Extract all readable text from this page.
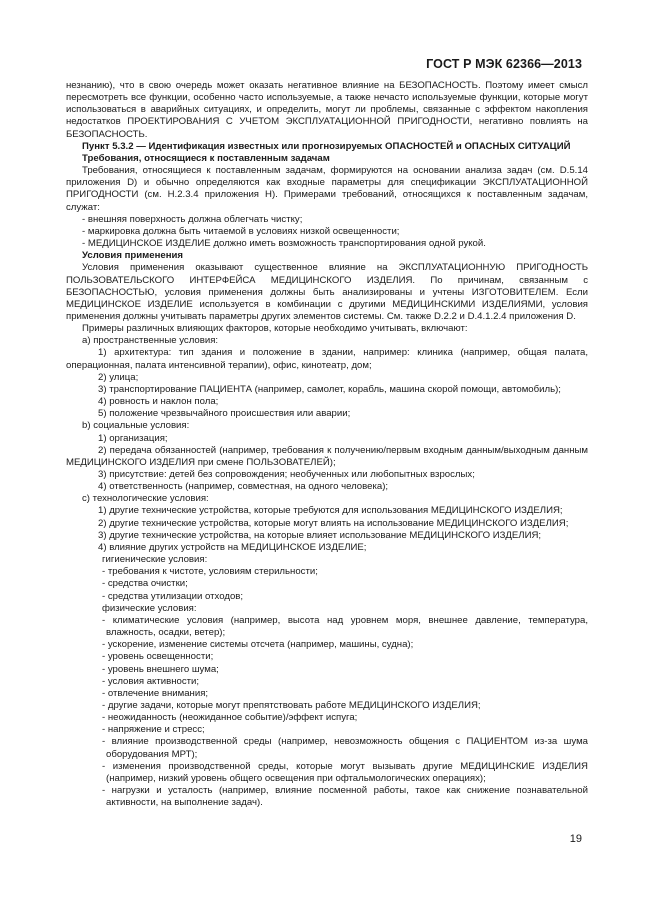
ГОСТ Р МЭК 62366—2013

незнанию), что в свою очередь может оказать негативное влияние на БЕЗОПАСНОСТЬ. Поэтому имеет смысл пересмотреть все функции, особенно часто используемые, а также нечасто используемые функции, которые могут использоваться в аварийных ситуациях, и определить, могут ли проблемы, связанные с эффектом накопления недостатков ПРОЕКТИРОВАНИЯ С УЧЕТОМ ЭКСПЛУАТАЦИОННОЙ ПРИГОДНОСТИ, негативно повлиять на БЕЗОПАСНОСТЬ.

Пункт 5.3.2 — Идентификация известных или прогнозируемых ОПАСНОСТЕЙ и ОПАСНЫХ СИТУАЦИЙ

Требования, относящиеся к поставленным задачам

Требования, относящиеся к поставленным задачам, формируются на основании анализа задач (см. D.5.14 приложения D) и обычно определяются как входные параметры для спецификации ЭКСПЛУАТАЦИОННОЙ ПРИГОДНОСТИ (см. Н.2.3.4 приложения Н). Примерами требований, относящихся к поставленным задачам, служат:

- внешняя поверхность должна облегчать чистку;

- маркировка должна быть читаемой в условиях низкой освещенности;

- МЕДИЦИНСКОЕ ИЗДЕЛИЕ должно иметь возможность транспортирования одной рукой.

Условия применения

Условия применения оказывают существенное влияние на ЭКСПЛУАТАЦИОННУЮ ПРИГОДНОСТЬ ПОЛЬЗОВАТЕЛЬСКОГО ИНТЕРФЕЙСА МЕДИЦИНСКОГО ИЗДЕЛИЯ. По причинам, связанным с БЕЗОПАСНОСТЬЮ, условия применения должны быть анализированы и учтены ИЗГОТОВИТЕЛЕМ. Если МЕДИЦИНСКОЕ ИЗДЕЛИЕ используется в комбинации с другими МЕДИЦИНСКИМИ ИЗДЕЛИЯМИ, условия применения должны учитывать параметры других элементов системы. См. также D.2.2 и D.4.1.2.4 приложения D.

Примеры различных влияющих факторов, которые необходимо учитывать, включают:

а) пространственные условия:

1) архитектура: тип здания и положение в здании, например: клиника (например, общая палата, операционная, палата интенсивной терапии), офис, кинотеатр, дом;

2) улица;

3) транспортирование ПАЦИЕНТА (например, самолет, корабль, машина скорой помощи, автомобиль);

4) ровность и наклон пола;

5) положение чрезвычайного происшествия или аварии;

b) социальные условия:

1) организация;

2) передача обязанностей (например, требования к получению/первым входным данным/выходным данным МЕДИЦИНСКОГО ИЗДЕЛИЯ при смене ПОЛЬЗОВАТЕЛЕЙ);

3) присутствие: детей без сопровождения; необученных или любопытных взрослых;

4) ответственность (например, совместная, на одного человека);

с) технологические условия:

1) другие технические устройства, которые требуются для использования МЕДИЦИНСКОГО ИЗДЕЛИЯ;

2) другие технические устройства, которые могут влиять на использование МЕДИЦИНСКОГО ИЗДЕЛИЯ;

3) другие технические устройства, на которые влияет использование МЕДИЦИНСКОГО ИЗДЕЛИЯ;

4) влияние других устройств на МЕДИЦИНСКОЕ ИЗДЕЛИЕ;

гигиенические условия:

- требования к чистоте, условиям стерильности;

- средства очистки;

- средства утилизации отходов;

физические условия:

- климатические условия (например, высота над уровнем моря, внешнее давление, температура, влажность, осадки, ветер);

- ускорение, изменение системы отсчета (например, машины, судна);

- уровень освещенности;

- уровень внешнего шума;

- условия активности;

- отвлечение внимания;

- другие задачи, которые могут препятствовать работе МЕДИЦИНСКОГО ИЗДЕЛИЯ;

- неожиданность (неожиданное событие)/эффект испуга;

- напряжение и стресс;

- влияние производственной среды (например, невозможность общения с ПАЦИЕНТОМ из-за шума оборудования МРТ);

- изменения производственной среды, которые могут вызывать другие МЕДИЦИНСКИЕ ИЗДЕЛИЯ (например, низкий уровень общего освещения при офтальмологических операциях);

- нагрузки и усталость (например, влияние посменной работы, такое как снижение познавательной активности, на выполнение задач).

19
